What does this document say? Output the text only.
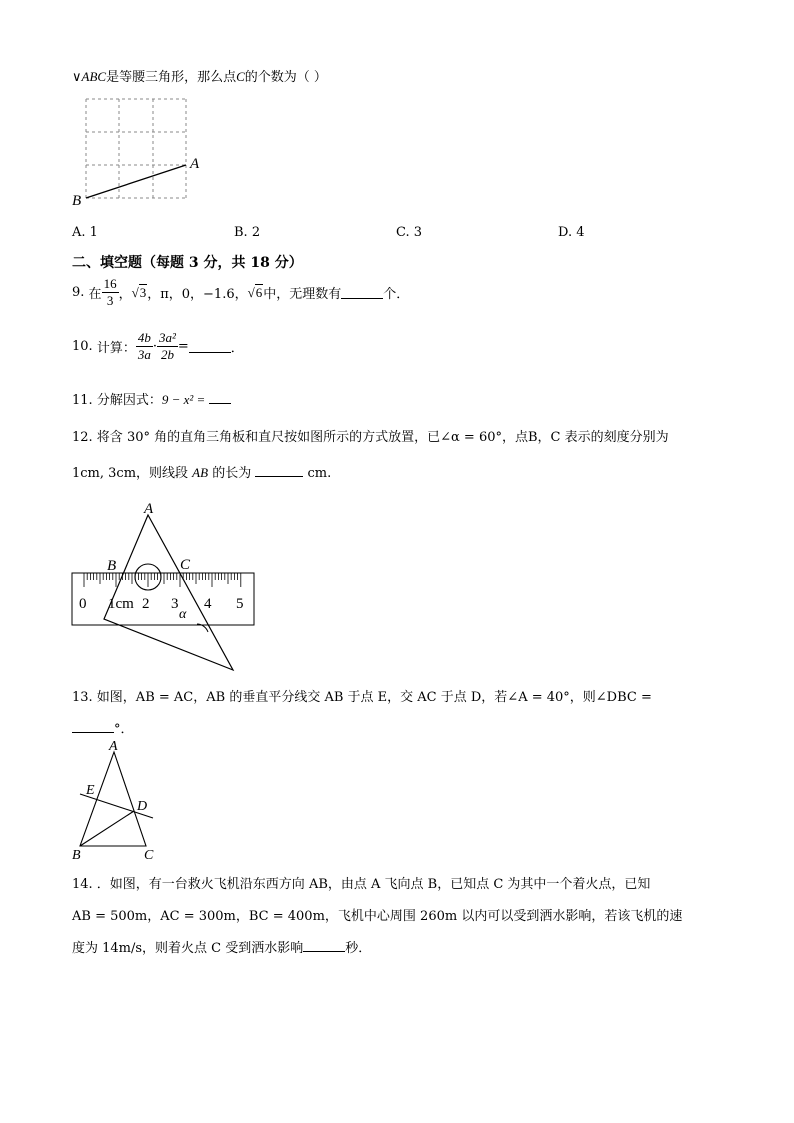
∨ABC是等腰三角形，那么点C的个数为（ ）
A
B
A. 1	B. 2	C. 3	D. 4
二、填空题（每题 3 分，共 18 分）
9.
在 $\frac{16}{3}$ ， √3 ，π，0，−1.6， √6 中，无理数有	个．
10.
计算： $\frac{4b}{3a} \cdot \frac{\text{3a²}}{2b}$ =	．
11. 分解因式：9 − x² =
12. 将含 30° 角的直角三角板和直尺按如图所示的方式放置，已∠α = 60°，点B，C 表示的刻度分别为
1cm, 3cm，则线段 AB 的长为	cm.
0 1cm 2 3 4 5
A
B	C
α
13. 如图，AB = AC，AB 的垂直平分线交 AB 于点 E，交 AC 于点 D，若∠A = 40°，则∠DBC =
°．
A
E
D
B	C
14. ．如图，有一台救火飞机沿东西方向 AB，由点 A 飞向点 B，已知点 C 为其中一个着火点，已知
AB = 500m，AC = 300m，BC = 400m，飞机中心周围 260m 以内可以受到洒水影响，若该飞机的速
度为 14m/s，则着火点 C 受到洒水影响	秒．
